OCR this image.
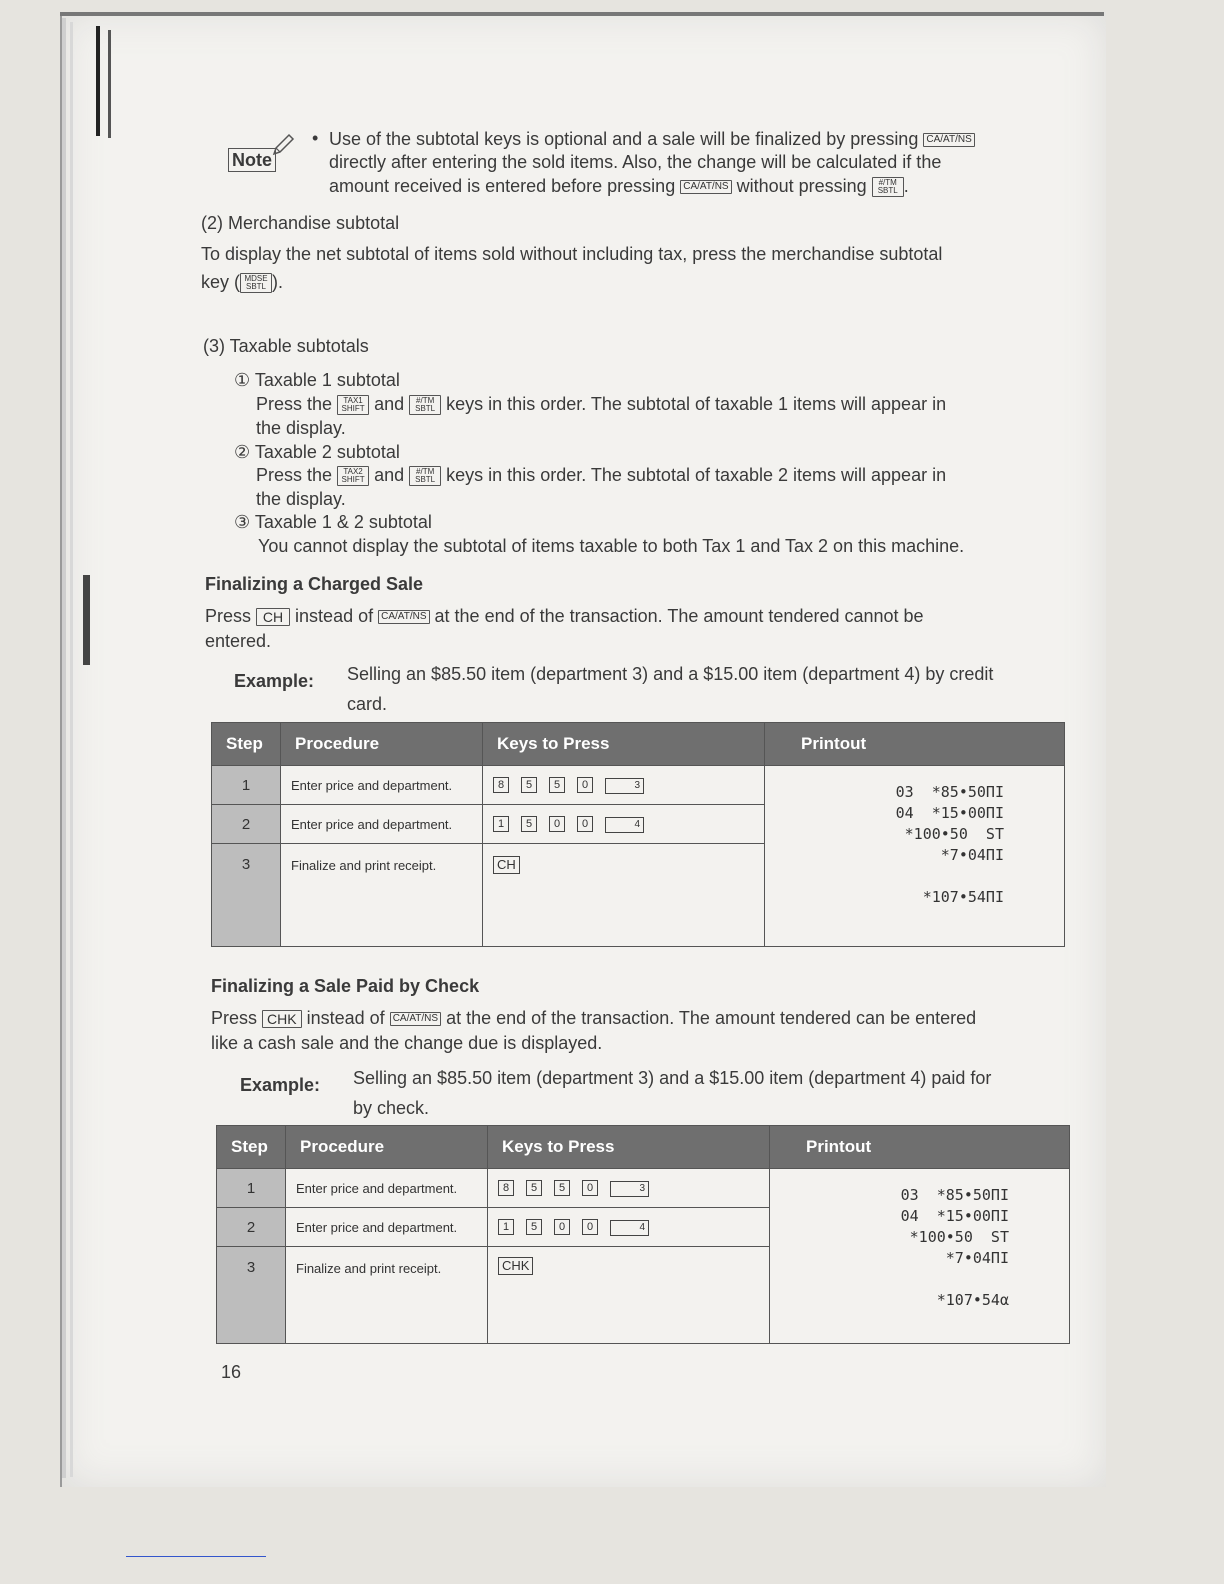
Note
• Use of the subtotal keys is optional and a sale will be finalized by pressing CA/AT/NS
directly after entering the sold items. Also, the change will be calculated if the
amount received is entered before pressing CA/AT/NS without pressing	#/TM
SBTL .
(2) Merchandise subtotal
To display the net subtotal of items sold without including tax, press the merchandise subtotal
key ( MDSE
SBTL ).
(3) Taxable subtotals
① Taxable 1 subtotal
Press the	TAX1
SHIFT and	#/TM
SBTL keys in this order. The subtotal of taxable 1 items will appear in
the display.
② Taxable 2 subtotal
Press the	TAX2
SHIFT and	#/TM
SBTL keys in this order. The subtotal of taxable 2 items will appear in
the display.
③ Taxable 1 & 2 subtotal
You cannot display the subtotal of items taxable to both Tax 1 and Tax 2 on this machine.
Finalizing a Charged Sale
Press CH instead of CA/AT/NS at the end of the transaction. The amount tendered cannot be
entered.
Example: Selling an $85.50 item (department 3) and a $15.00 item (department 4) by credit
card.
Step	Procedure	Keys to Press	Printout
1	Enter price and department.	8 5 5 0 3	03  *85•50ΠI
04  *15•00ΠI
*100•50  ST
*7•04ΠI

*107•54ΠI
2	Enter price and department.	1 5 0 0 4	
3	Finalize and print receipt.	CH	
Finalizing a Sale Paid by Check
Press CHK instead of CA/AT/NS at the end of the transaction. The amount tendered can be entered
like a cash sale and the change due is displayed.
Example: Selling an $85.50 item (department 3) and a $15.00 item (department 4) paid for
by check.
Step	Procedure	Keys to Press	Printout
1	Enter price and department.	8 5 5 0 3	03  *85•50ΠI
04  *15•00ΠI
*100•50  ST
*7•04ΠI

*107•54α
2	Enter price and department.	1 5 0 0 4	
3	Finalize and print receipt.	CHK	
16
